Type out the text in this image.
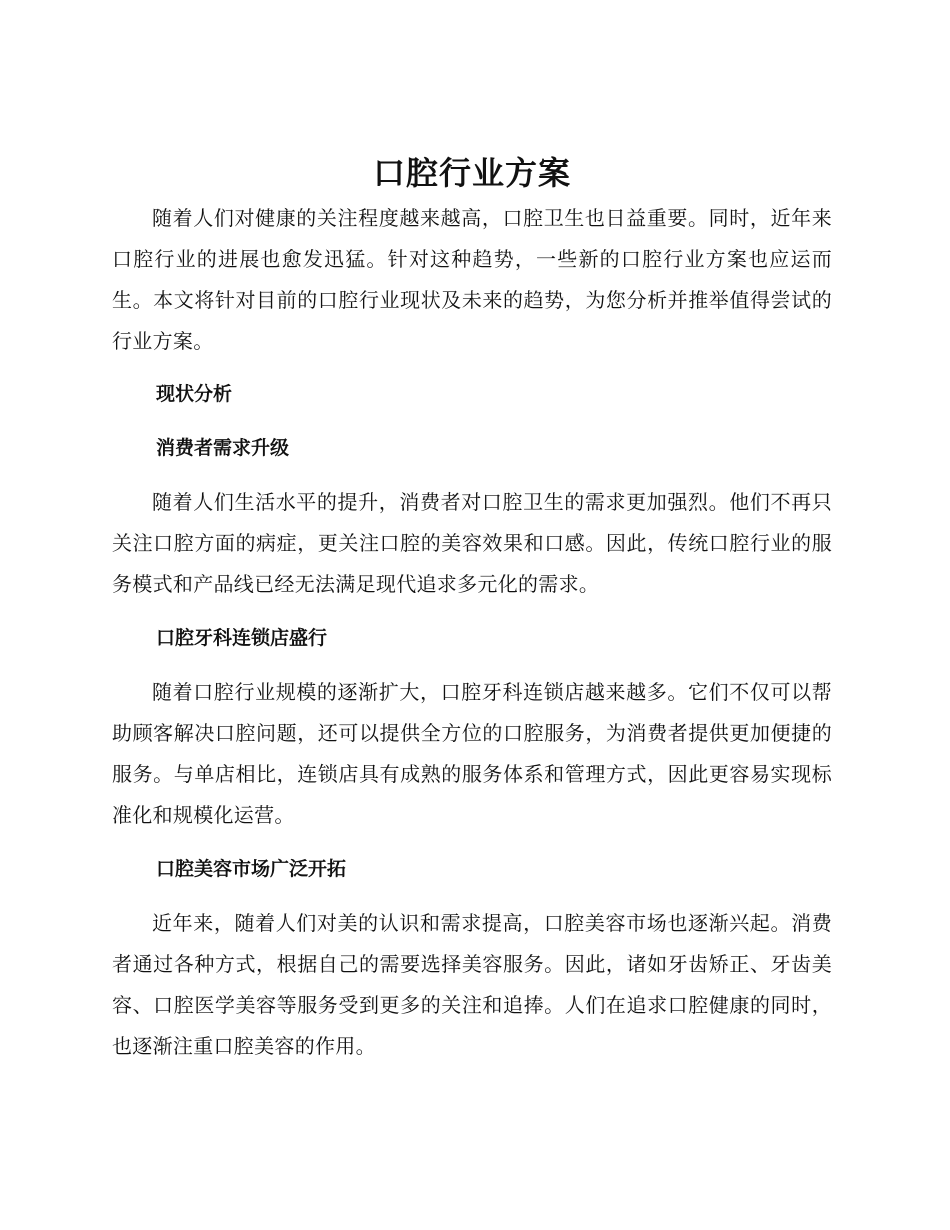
口腔行业方案

随着人们对健康的关注程度越来越高，口腔卫生也日益重要。同时，近年来口腔行业的进展也愈发迅猛。针对这种趋势，一些新的口腔行业方案也应运而生。本文将针对目前的口腔行业现状及未来的趋势，为您分析并推举值得尝试的行业方案。

现状分析

消费者需求升级

随着人们生活水平的提升，消费者对口腔卫生的需求更加强烈。他们不再只关注口腔方面的病症，更关注口腔的美容效果和口感。因此，传统口腔行业的服务模式和产品线已经无法满足现代追求多元化的需求。

口腔牙科连锁店盛行

随着口腔行业规模的逐渐扩大，口腔牙科连锁店越来越多。它们不仅可以帮助顾客解决口腔问题，还可以提供全方位的口腔服务，为消费者提供更加便捷的服务。与单店相比，连锁店具有成熟的服务体系和管理方式，因此更容易实现标准化和规模化运营。

口腔美容市场广泛开拓

近年来，随着人们对美的认识和需求提高，口腔美容市场也逐渐兴起。消费者通过各种方式，根据自己的需要选择美容服务。因此，诸如牙齿矫正、牙齿美容、口腔医学美容等服务受到更多的关注和追捧。人们在追求口腔健康的同时，也逐渐注重口腔美容的作用。
